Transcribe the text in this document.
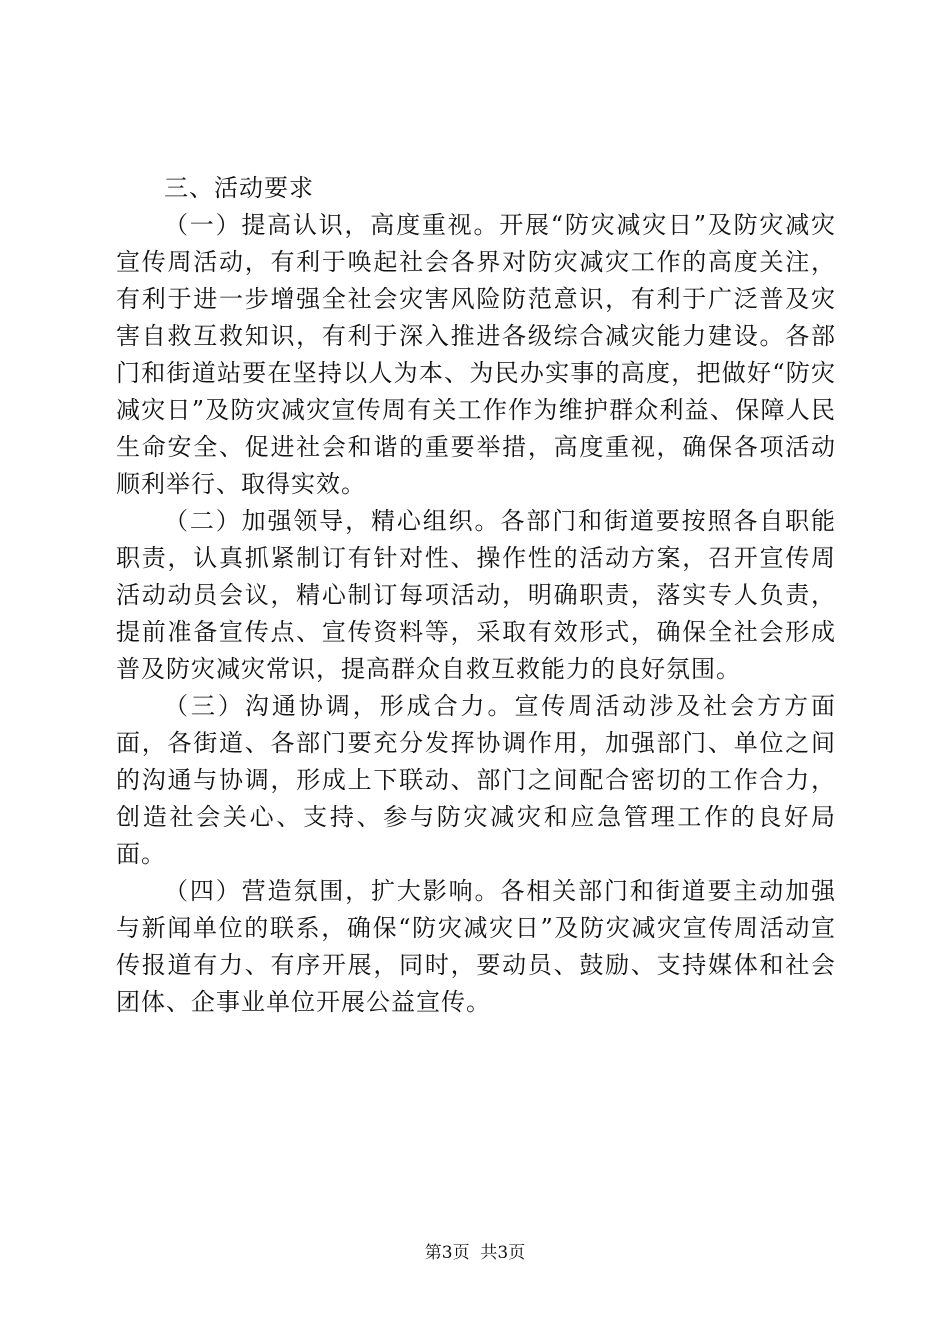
三、活动要求

（一）提高认识，高度重视。开展“防灾减灾日”及防灾减灾宣传周活动，有利于唤起社会各界对防灾减灾工作的高度关注，有利于进一步增强全社会灾害风险防范意识，有利于广泛普及灾害自救互救知识，有利于深入推进各级综合减灾能力建设。各部门和街道站要在坚持以人为本、为民办实事的高度，把做好“防灾减灾日”及防灾减灾宣传周有关工作作为维护群众利益、保障人民生命安全、促进社会和谐的重要举措，高度重视，确保各项活动顺利举行、取得实效。

（二）加强领导，精心组织。各部门和街道要按照各自职能职责，认真抓紧制订有针对性、操作性的活动方案，召开宣传周活动动员会议，精心制订每项活动，明确职责，落实专人负责，提前准备宣传点、宣传资料等，采取有效形式，确保全社会形成普及防灾减灾常识，提高群众自救互救能力的良好氛围。

（三）沟通协调，形成合力。宣传周活动涉及社会方方面面，各街道、各部门要充分发挥协调作用，加强部门、单位之间的沟通与协调，形成上下联动、部门之间配合密切的工作合力，创造社会关心、支持、参与防灾减灾和应急管理工作的良好局面。

（四）营造氛围，扩大影响。各相关部门和街道要主动加强与新闻单位的联系，确保“防灾减灾日”及防灾减灾宣传周活动宣传报道有力、有序开展，同时，要动员、鼓励、支持媒体和社会团体、企事业单位开展公益宣传。

第3页  共3页
